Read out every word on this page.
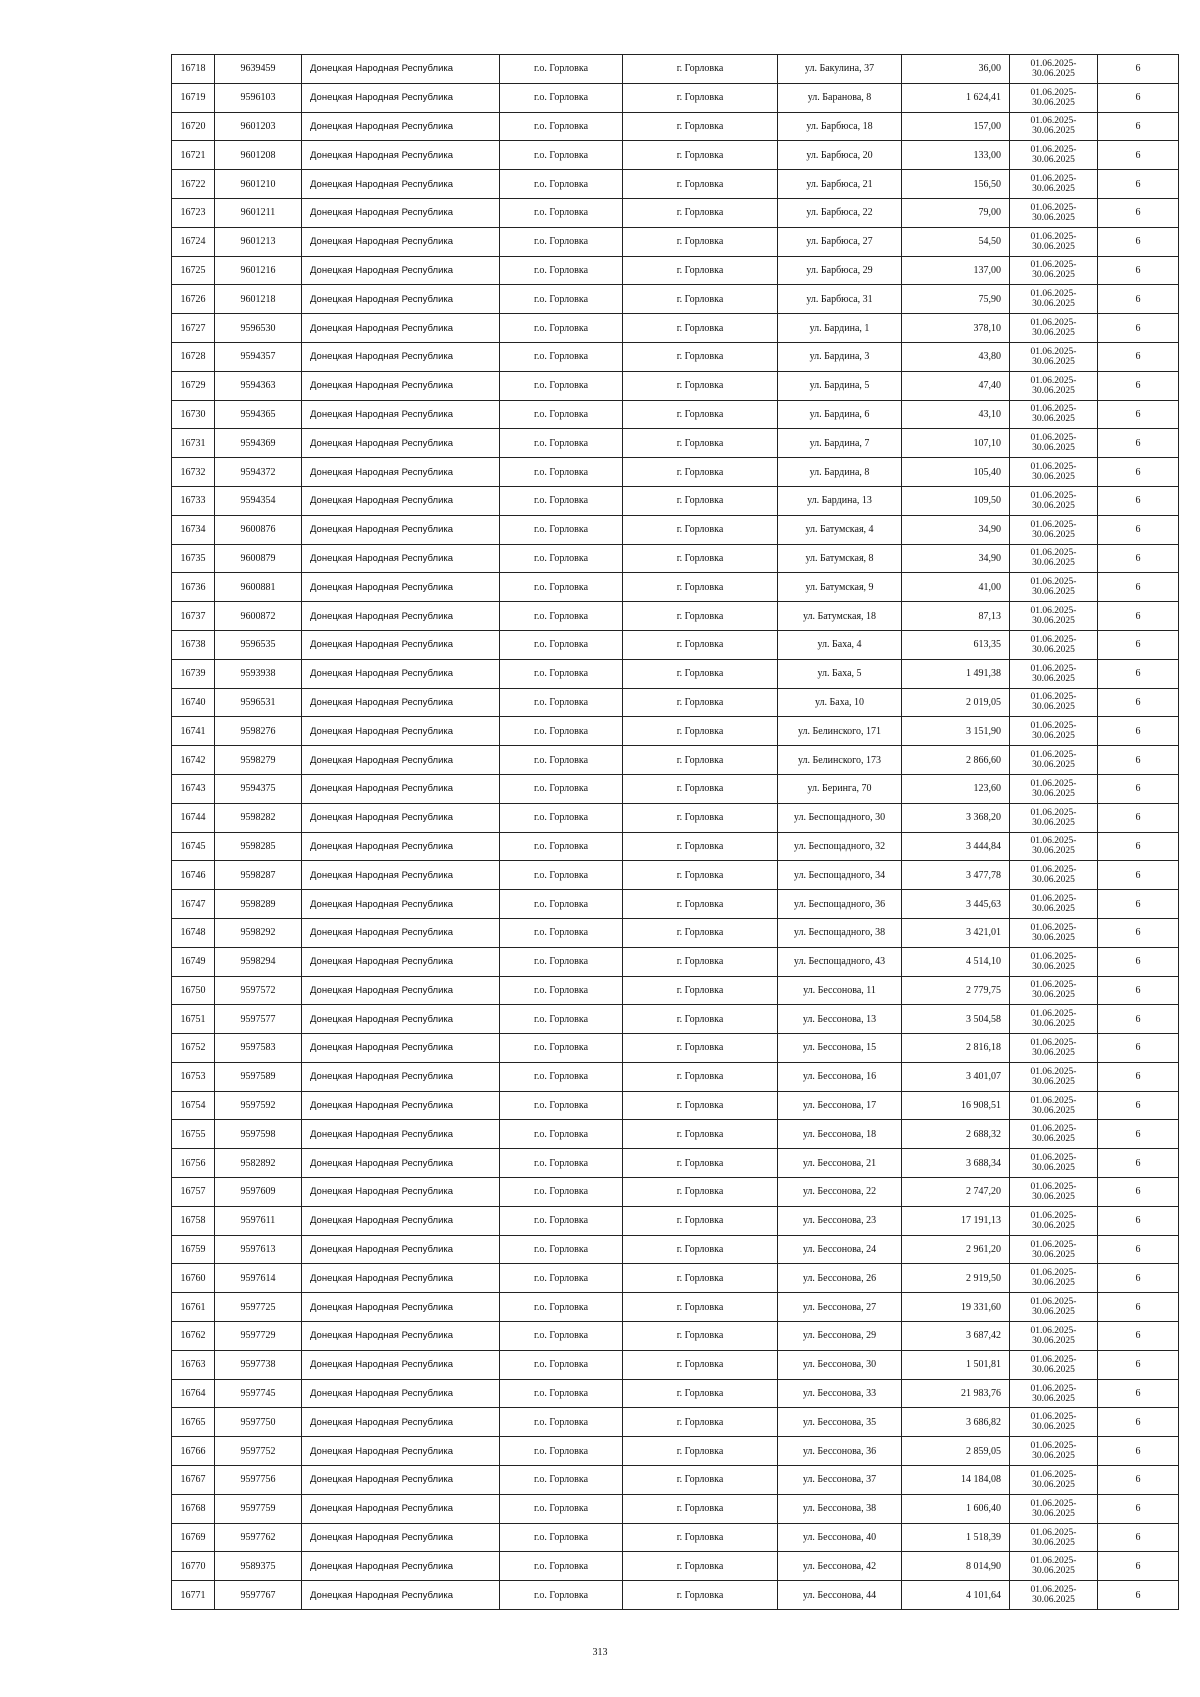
16718	9639459	Донецкая Народная Республика	г.о. Горловка	г. Горловка	ул. Бакулина, 37	36,00	01.06.2025-30.06.2025	6
16719	9596103	Донецкая Народная Республика	г.о. Горловка	г. Горловка	ул. Баранова, 8	1 624,41	01.06.2025-30.06.2025	6
16720	9601203	Донецкая Народная Республика	г.о. Горловка	г. Горловка	ул. Барбюса, 18	157,00	01.06.2025-30.06.2025	6
16721	9601208	Донецкая Народная Республика	г.о. Горловка	г. Горловка	ул. Барбюса, 20	133,00	01.06.2025-30.06.2025	6
16722	9601210	Донецкая Народная Республика	г.о. Горловка	г. Горловка	ул. Барбюса, 21	156,50	01.06.2025-30.06.2025	6
16723	9601211	Донецкая Народная Республика	г.о. Горловка	г. Горловка	ул. Барбюса, 22	79,00	01.06.2025-30.06.2025	6
16724	9601213	Донецкая Народная Республика	г.о. Горловка	г. Горловка	ул. Барбюса, 27	54,50	01.06.2025-30.06.2025	6
16725	9601216	Донецкая Народная Республика	г.о. Горловка	г. Горловка	ул. Барбюса, 29	137,00	01.06.2025-30.06.2025	6
16726	9601218	Донецкая Народная Республика	г.о. Горловка	г. Горловка	ул. Барбюса, 31	75,90	01.06.2025-30.06.2025	6
16727	9596530	Донецкая Народная Республика	г.о. Горловка	г. Горловка	ул. Бардина, 1	378,10	01.06.2025-30.06.2025	6
16728	9594357	Донецкая Народная Республика	г.о. Горловка	г. Горловка	ул. Бардина, 3	43,80	01.06.2025-30.06.2025	6
16729	9594363	Донецкая Народная Республика	г.о. Горловка	г. Горловка	ул. Бардина, 5	47,40	01.06.2025-30.06.2025	6
16730	9594365	Донецкая Народная Республика	г.о. Горловка	г. Горловка	ул. Бардина, 6	43,10	01.06.2025-30.06.2025	6
16731	9594369	Донецкая Народная Республика	г.о. Горловка	г. Горловка	ул. Бардина, 7	107,10	01.06.2025-30.06.2025	6
16732	9594372	Донецкая Народная Республика	г.о. Горловка	г. Горловка	ул. Бардина, 8	105,40	01.06.2025-30.06.2025	6
16733	9594354	Донецкая Народная Республика	г.о. Горловка	г. Горловка	ул. Бардина, 13	109,50	01.06.2025-30.06.2025	6
16734	9600876	Донецкая Народная Республика	г.о. Горловка	г. Горловка	ул. Батумская, 4	34,90	01.06.2025-30.06.2025	6
16735	9600879	Донецкая Народная Республика	г.о. Горловка	г. Горловка	ул. Батумская, 8	34,90	01.06.2025-30.06.2025	6
16736	9600881	Донецкая Народная Республика	г.о. Горловка	г. Горловка	ул. Батумская, 9	41,00	01.06.2025-30.06.2025	6
16737	9600872	Донецкая Народная Республика	г.о. Горловка	г. Горловка	ул. Батумская, 18	87,13	01.06.2025-30.06.2025	6
16738	9596535	Донецкая Народная Республика	г.о. Горловка	г. Горловка	ул. Баха, 4	613,35	01.06.2025-30.06.2025	6
16739	9593938	Донецкая Народная Республика	г.о. Горловка	г. Горловка	ул. Баха, 5	1 491,38	01.06.2025-30.06.2025	6
16740	9596531	Донецкая Народная Республика	г.о. Горловка	г. Горловка	ул. Баха, 10	2 019,05	01.06.2025-30.06.2025	6
16741	9598276	Донецкая Народная Республика	г.о. Горловка	г. Горловка	ул. Белинского, 171	3 151,90	01.06.2025-30.06.2025	6
16742	9598279	Донецкая Народная Республика	г.о. Горловка	г. Горловка	ул. Белинского, 173	2 866,60	01.06.2025-30.06.2025	6
16743	9594375	Донецкая Народная Республика	г.о. Горловка	г. Горловка	ул. Беринга, 70	123,60	01.06.2025-30.06.2025	6
16744	9598282	Донецкая Народная Республика	г.о. Горловка	г. Горловка	ул. Беспощадного, 30	3 368,20	01.06.2025-30.06.2025	6
16745	9598285	Донецкая Народная Республика	г.о. Горловка	г. Горловка	ул. Беспощадного, 32	3 444,84	01.06.2025-30.06.2025	6
16746	9598287	Донецкая Народная Республика	г.о. Горловка	г. Горловка	ул. Беспощадного, 34	3 477,78	01.06.2025-30.06.2025	6
16747	9598289	Донецкая Народная Республика	г.о. Горловка	г. Горловка	ул. Беспощадного, 36	3 445,63	01.06.2025-30.06.2025	6
16748	9598292	Донецкая Народная Республика	г.о. Горловка	г. Горловка	ул. Беспощадного, 38	3 421,01	01.06.2025-30.06.2025	6
16749	9598294	Донецкая Народная Республика	г.о. Горловка	г. Горловка	ул. Беспощадного, 43	4 514,10	01.06.2025-30.06.2025	6
16750	9597572	Донецкая Народная Республика	г.о. Горловка	г. Горловка	ул. Бессонова, 11	2 779,75	01.06.2025-30.06.2025	6
16751	9597577	Донецкая Народная Республика	г.о. Горловка	г. Горловка	ул. Бессонова, 13	3 504,58	01.06.2025-30.06.2025	6
16752	9597583	Донецкая Народная Республика	г.о. Горловка	г. Горловка	ул. Бессонова, 15	2 816,18	01.06.2025-30.06.2025	6
16753	9597589	Донецкая Народная Республика	г.о. Горловка	г. Горловка	ул. Бессонова, 16	3 401,07	01.06.2025-30.06.2025	6
16754	9597592	Донецкая Народная Республика	г.о. Горловка	г. Горловка	ул. Бессонова, 17	16 908,51	01.06.2025-30.06.2025	6
16755	9597598	Донецкая Народная Республика	г.о. Горловка	г. Горловка	ул. Бессонова, 18	2 688,32	01.06.2025-30.06.2025	6
16756	9582892	Донецкая Народная Республика	г.о. Горловка	г. Горловка	ул. Бессонова, 21	3 688,34	01.06.2025-30.06.2025	6
16757	9597609	Донецкая Народная Республика	г.о. Горловка	г. Горловка	ул. Бессонова, 22	2 747,20	01.06.2025-30.06.2025	6
16758	9597611	Донецкая Народная Республика	г.о. Горловка	г. Горловка	ул. Бессонова, 23	17 191,13	01.06.2025-30.06.2025	6
16759	9597613	Донецкая Народная Республика	г.о. Горловка	г. Горловка	ул. Бессонова, 24	2 961,20	01.06.2025-30.06.2025	6
16760	9597614	Донецкая Народная Республика	г.о. Горловка	г. Горловка	ул. Бессонова, 26	2 919,50	01.06.2025-30.06.2025	6
16761	9597725	Донецкая Народная Республика	г.о. Горловка	г. Горловка	ул. Бессонова, 27	19 331,60	01.06.2025-30.06.2025	6
16762	9597729	Донецкая Народная Республика	г.о. Горловка	г. Горловка	ул. Бессонова, 29	3 687,42	01.06.2025-30.06.2025	6
16763	9597738	Донецкая Народная Республика	г.о. Горловка	г. Горловка	ул. Бессонова, 30	1 501,81	01.06.2025-30.06.2025	6
16764	9597745	Донецкая Народная Республика	г.о. Горловка	г. Горловка	ул. Бессонова, 33	21 983,76	01.06.2025-30.06.2025	6
16765	9597750	Донецкая Народная Республика	г.о. Горловка	г. Горловка	ул. Бессонова, 35	3 686,82	01.06.2025-30.06.2025	6
16766	9597752	Донецкая Народная Республика	г.о. Горловка	г. Горловка	ул. Бессонова, 36	2 859,05	01.06.2025-30.06.2025	6
16767	9597756	Донецкая Народная Республика	г.о. Горловка	г. Горловка	ул. Бессонова, 37	14 184,08	01.06.2025-30.06.2025	6
16768	9597759	Донецкая Народная Республика	г.о. Горловка	г. Горловка	ул. Бессонова, 38	1 606,40	01.06.2025-30.06.2025	6
16769	9597762	Донецкая Народная Республика	г.о. Горловка	г. Горловка	ул. Бессонова, 40	1 518,39	01.06.2025-30.06.2025	6
16770	9589375	Донецкая Народная Республика	г.о. Горловка	г. Горловка	ул. Бессонова, 42	8 014,90	01.06.2025-30.06.2025	6
16771	9597767	Донецкая Народная Республика	г.о. Горловка	г. Горловка	ул. Бессонова, 44	4 101,64	01.06.2025-30.06.2025	6
313
